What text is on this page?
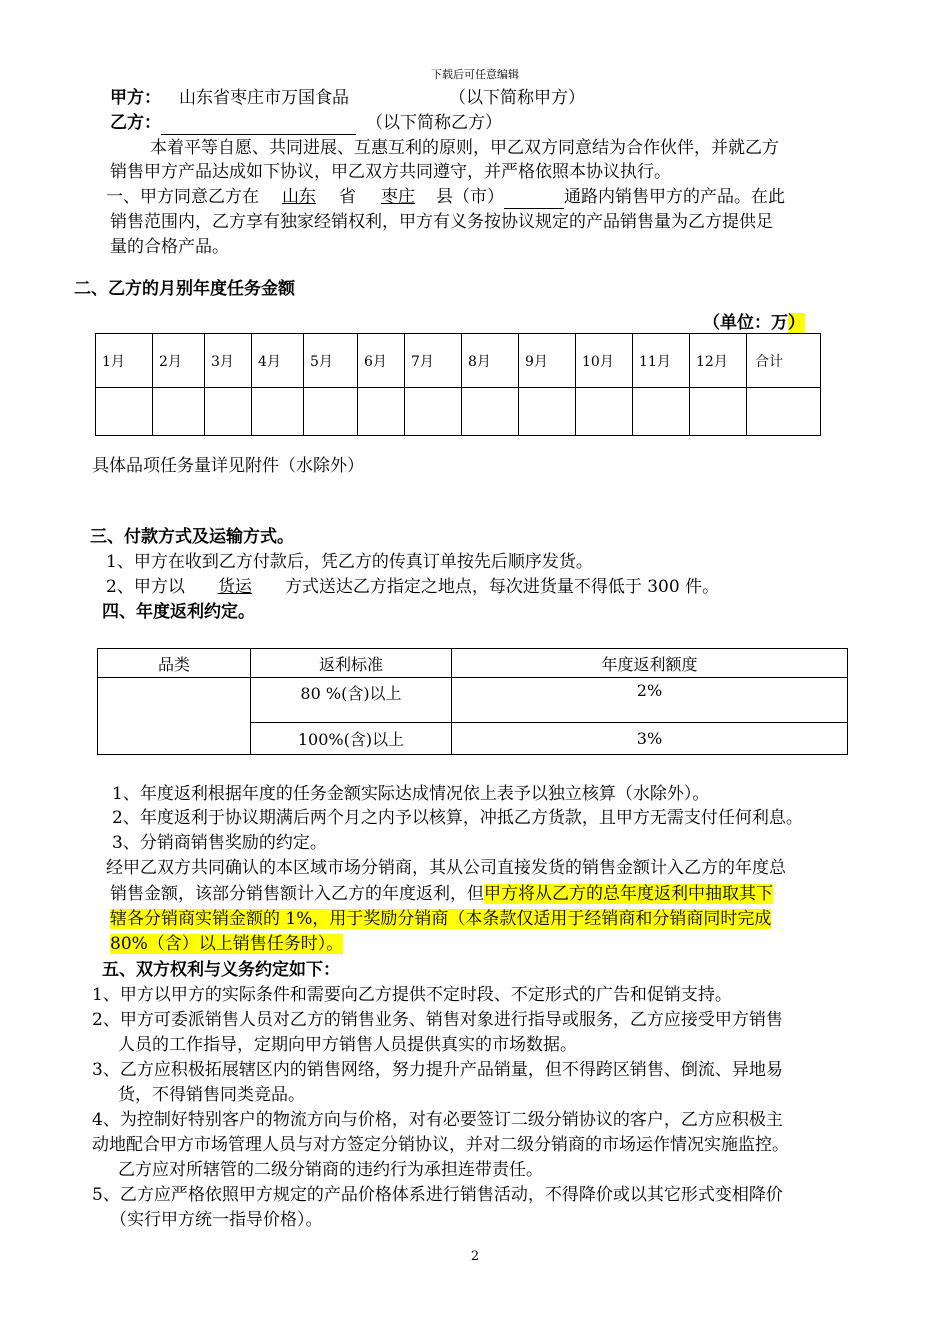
下载后可任意编辑
甲方： 山东省枣庄市万国食品	（以下简称甲方）
乙方：	（以下简称乙方）
本着平等自愿、共同进展、互惠互利的原则，甲乙双方同意结为合作伙伴，并就乙方
销售甲方产品达成如下协议，甲乙双方共同遵守，并严格依照本协议执行。
一、甲方同意乙方在 山东 省 枣庄 县（市）	通路内销售甲方的产品。在此
销售范围内，乙方享有独家经销权利，甲方有义务按协议规定的产品销售量为乙方提供足
量的合格产品。
二、乙方的月别年度任务金额
（单位：万）
1月	2月	3月	4月	5月	6月	7月	8月	9月	10月	11月	12月	合计

具体品项任务量详见附件（水除外）
三、付款方式及运输方式。
1、甲方在收到乙方付款后，凭乙方的传真订单按先后顺序发货。
2、甲方以 货运 方式送达乙方指定之地点，每次进货量不得低于 300 件。
四、年度返利约定。
品类	返利标准	年度返利额度
	80 %(含)以上	2%
	100%(含)以上	3%
1、年度返利根据年度的任务金额实际达成情况依上表予以独立核算（水除外）。
2、年度返利于协议期满后两个月之内予以核算，冲抵乙方货款，且甲方无需支付任何利息。
3、分销商销售奖励的约定。
经甲乙双方共同确认的本区域市场分销商，其从公司直接发货的销售金额计入乙方的年度总
销售金额，该部分销售额计入乙方的年度返利，但甲方将从乙方的总年度返利中抽取其下
辖各分销商实销金额的 1%，用于奖励分销商（本条款仅适用于经销商和分销商同时完成
80%（含）以上销售任务时）。
五、双方权利与义务约定如下：
1、甲方以甲方的实际条件和需要向乙方提供不定时段、不定形式的广告和促销支持。
2、甲方可委派销售人员对乙方的销售业务、销售对象进行指导或服务，乙方应接受甲方销售
人员的工作指导，定期向甲方销售人员提供真实的市场数据。
3、乙方应积极拓展辖区内的销售网络，努力提升产品销量，但不得跨区销售、倒流、异地易
货，不得销售同类竞品。
4、为控制好特别客户的物流方向与价格，对有必要签订二级分销协议的客户，乙方应积极主
动地配合甲方市场管理人员与对方签定分销协议，并对二级分销商的市场运作情况实施监控。
乙方应对所辖管的二级分销商的违约行为承担连带责任。
5、乙方应严格依照甲方规定的产品价格体系进行销售活动，不得降价或以其它形式变相降价
（实行甲方统一指导价格）。
2
